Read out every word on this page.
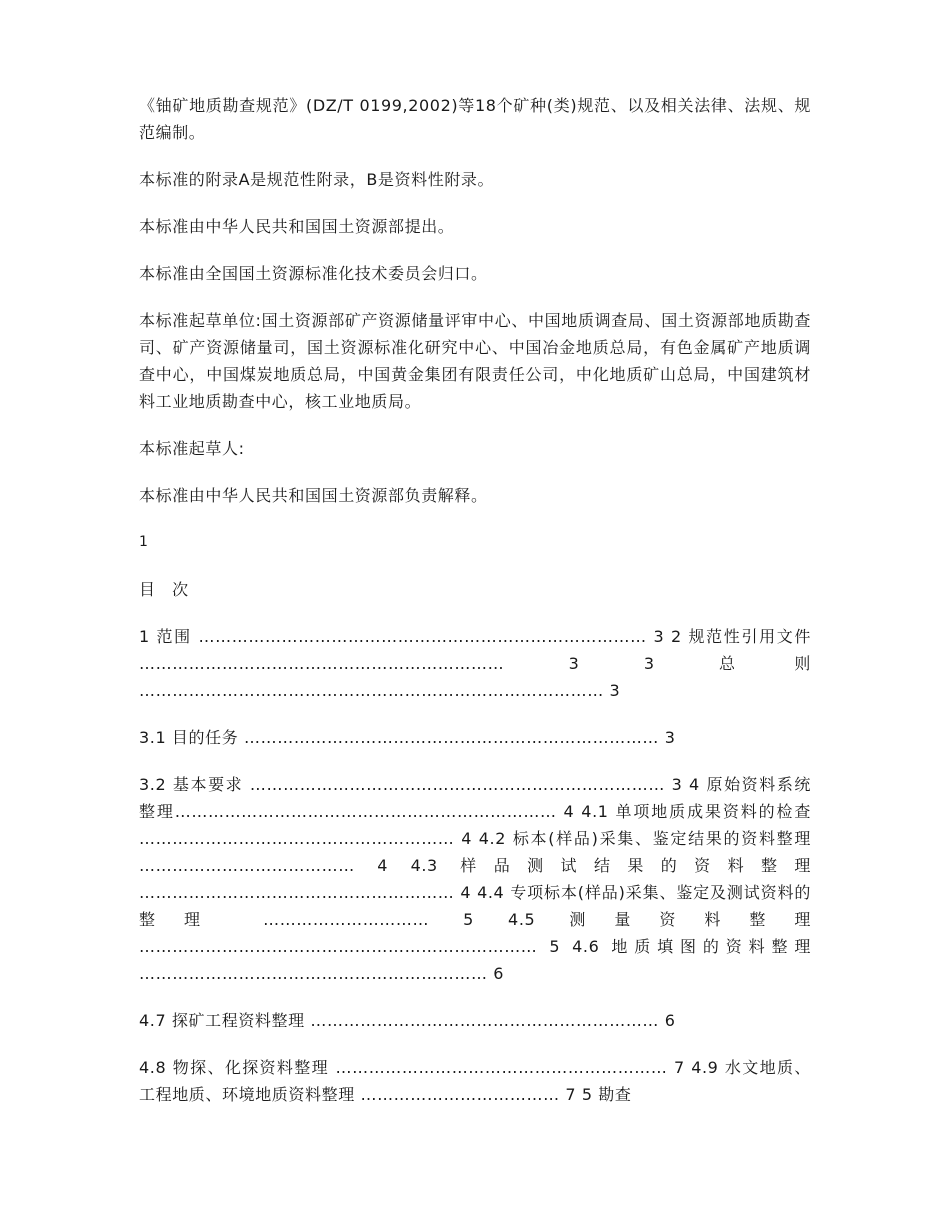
《铀矿地质勘查规范》(DZ/T 0199,2002)等18个矿种(类)规范、以及相关法律、法规、规范编制。

本标准的附录A是规范性附录，B是资料性附录。

本标准由中华人民共和国国土资源部提出。

本标准由全国国土资源标准化技术委员会归口。

本标准起草单位:国土资源部矿产资源储量评审中心、中国地质调查局、国土资源部地质勘查司、矿产资源储量司，国土资源标准化研究中心、中国冶金地质总局，有色金属矿产地质调查中心，中国煤炭地质总局，中国黄金集团有限责任公司，中化地质矿山总局，中国建筑材料工业地质勘查中心，核工业地质局。

本标准起草人:

本标准由中华人民共和国国土资源部负责解释。

1
目 次

1 范围 ……………………………………………………………………… 3 2 规范性引用文件 ………………………………………………………… 3 3 总则 ………………………………………………………………………… 3

3.1 目的任务 ………………………………………………………………… 3

3.2 基本要求 ………………………………………………………………… 3 4 原始资料系统整理…………………………………………………………… 4 4.1 单项地质成果资料的检查 ………………………………………………… 4 4.2 标本(样品)采集、鉴定结果的资料整理 ………………………………… 4 4.3 样品测试结果的资料整理 ………………………………………………… 4 4.4 专项标本(样品)采集、鉴定及测试资料的整理 ………………………… 5 4.5 测量资料整理 ……………………………………………………………… 5 4.6 地质填图的资料整理 ……………………………………………………… 6

4.7 探矿工程资料整理 ……………………………………………………… 6

4.8 物探、化探资料整理 …………………………………………………… 7 4.9 水文地质、工程地质、环境地质资料整理 ……………………………… 7 5 勘查
